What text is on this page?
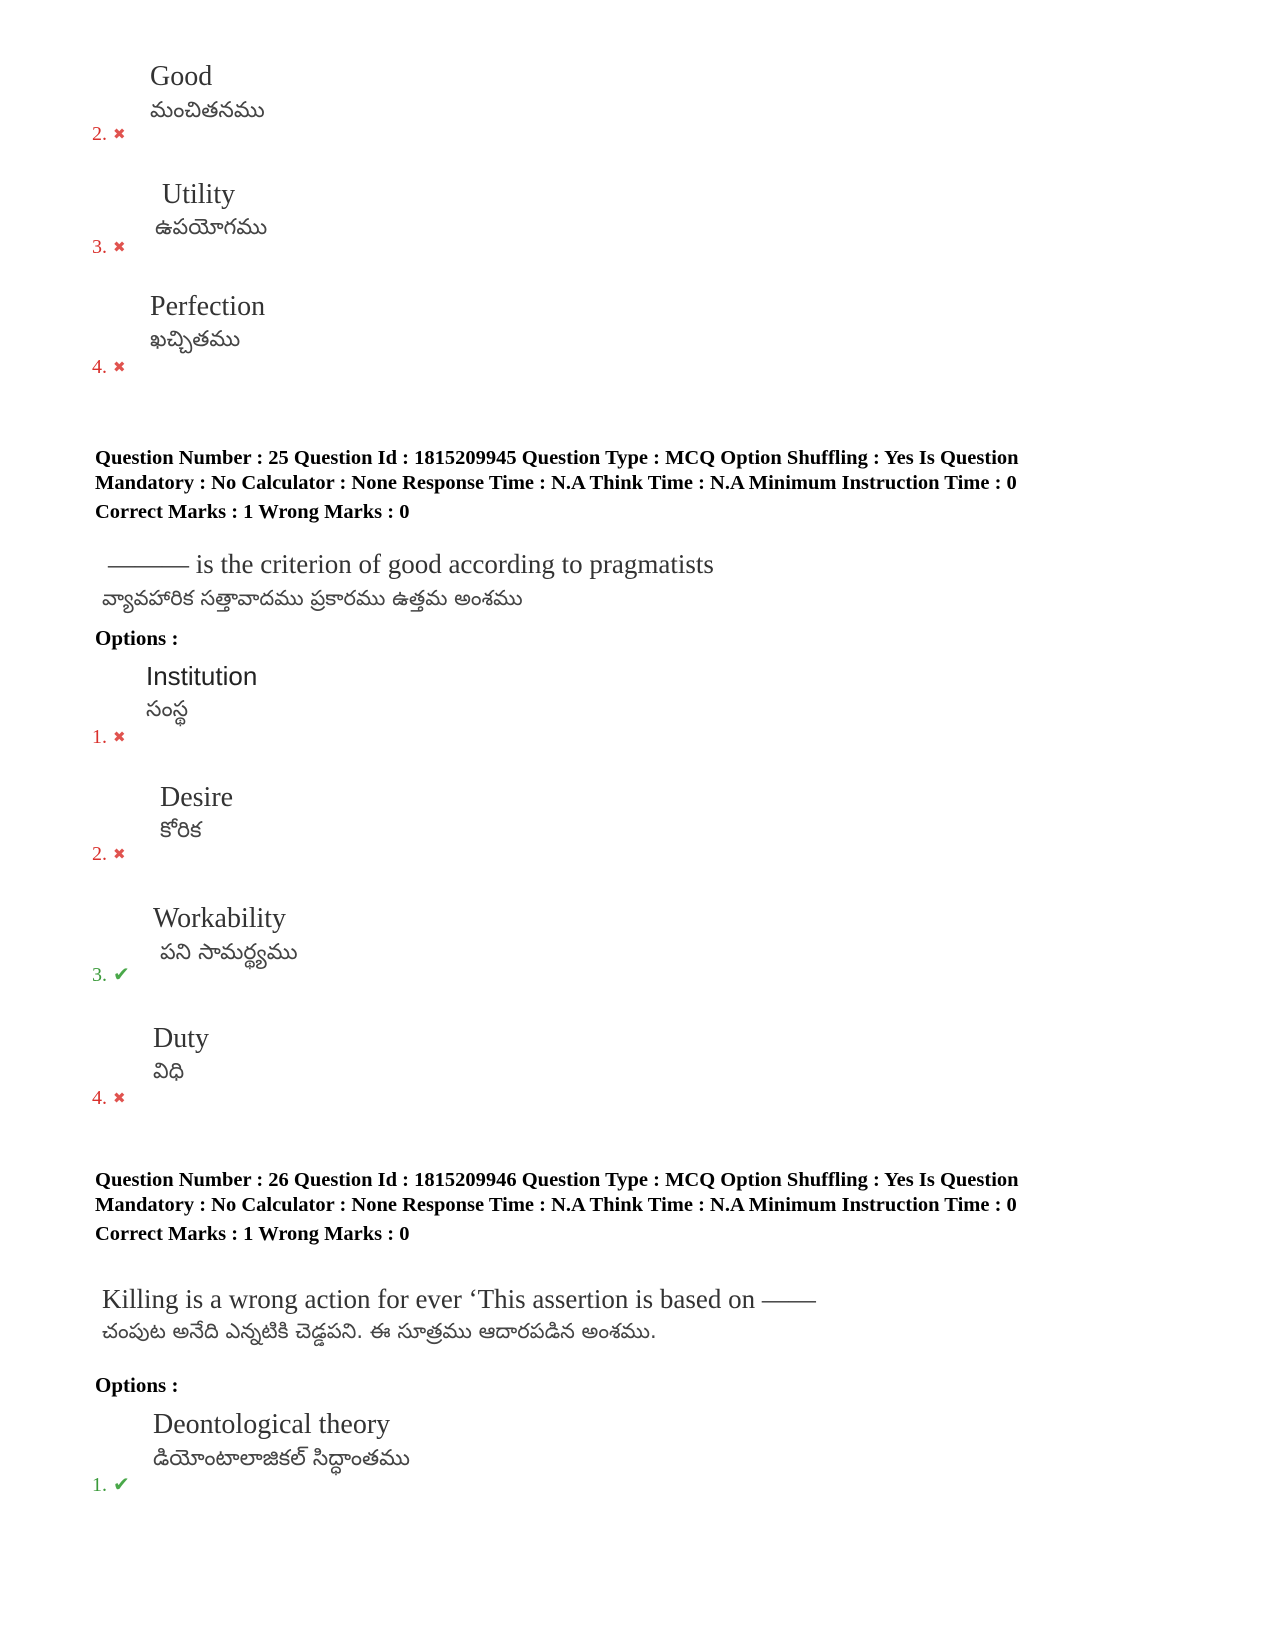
Good
మంచితనము
2. ✖
Utility
ఉపయోగము
3. ✖
Perfection
ఖచ్చితము
4. ✖
Question Number : 25 Question Id : 1815209945 Question Type : MCQ Option Shuffling : Yes Is Question
Mandatory : No Calculator : None Response Time : N.A Think Time : N.A Minimum Instruction Time : 0
Correct Marks : 1 Wrong Marks : 0
——— is the criterion of good according to pragmatists
వ్యావహారిక సత్తావాదము ప్రకారము ఉత్తమ అంశము
Options :
Institution
సంస్థ
1. ✖
Desire
కోరిక
2. ✖
Workability
పని సామర్థ్యము
3. ✔
Duty
విధి
4. ✖
Question Number : 26 Question Id : 1815209946 Question Type : MCQ Option Shuffling : Yes Is Question
Mandatory : No Calculator : None Response Time : N.A Think Time : N.A Minimum Instruction Time : 0
Correct Marks : 1 Wrong Marks : 0
Killing is a wrong action for ever ‘This assertion is based on ——
చంపుట అనేది ఎన్నటికి చెడ్డపని. ఈ సూత్రము ఆదారపడిన అంశము.
Options :
Deontological theory
డియోంటాలాజికల్ సిద్ధాంతము
1. ✔
